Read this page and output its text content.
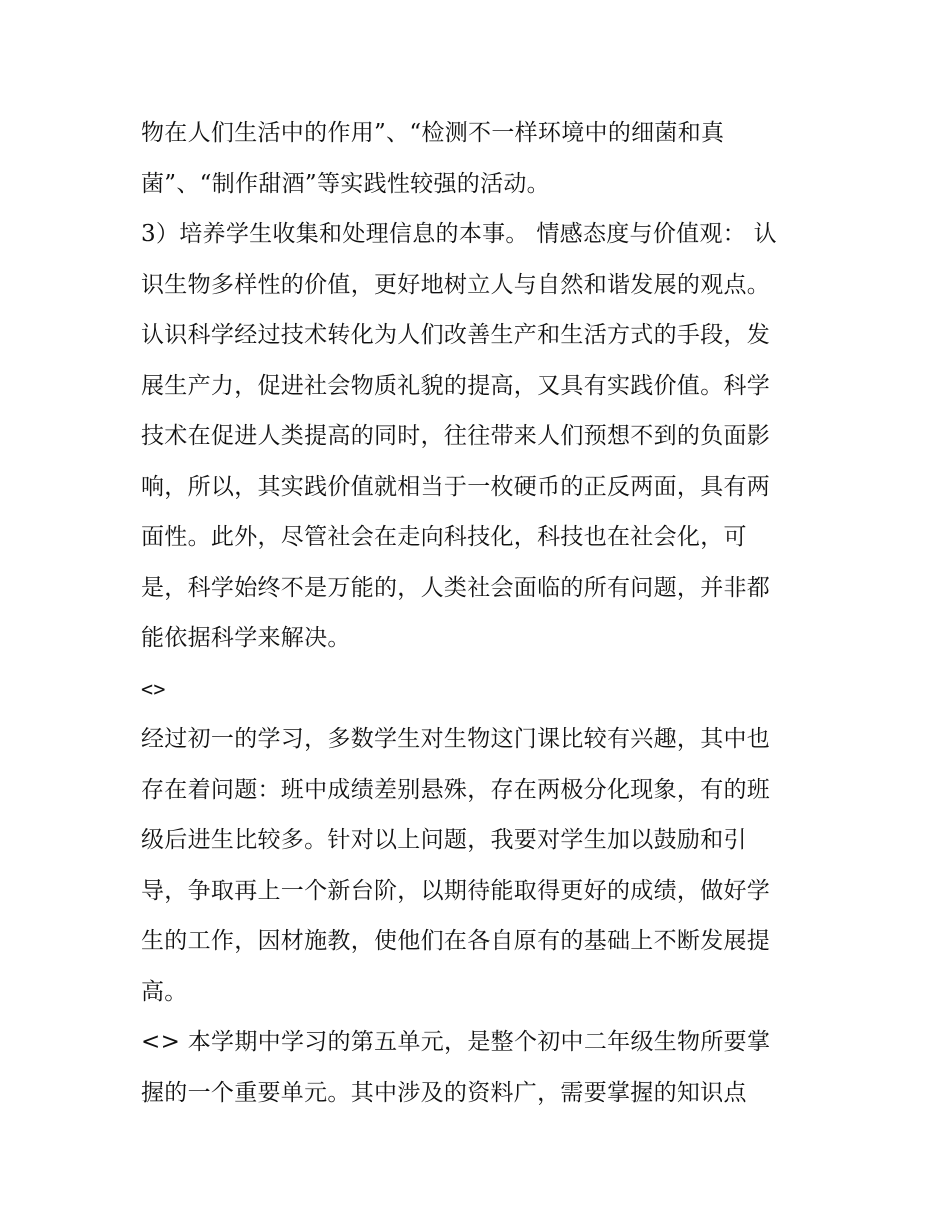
物在人们生活中的作用”、“检测不一样环境中的细菌和真
菌”、“制作甜酒”等实践性较强的活动。
3）培养学生收集和处理信息的本事。 情感态度与价值观： 认
识生物多样性的价值，更好地树立人与自然和谐发展的观点。
认识科学经过技术转化为人们改善生产和生活方式的手段，发
展生产力，促进社会物质礼貌的提高，又具有实践价值。科学
技术在促进人类提高的同时，往往带来人们预想不到的负面影
响，所以，其实践价值就相当于一枚硬币的正反两面，具有两
面性。此外，尽管社会在走向科技化，科技也在社会化，可
是，科学始终不是万能的，人类社会面临的所有问题，并非都
能依据科学来解决。
<>
经过初一的学习，多数学生对生物这门课比较有兴趣，其中也
存在着问题：班中成绩差别悬殊，存在两极分化现象，有的班
级后进生比较多。针对以上问题，我要对学生加以鼓励和引
导，争取再上一个新台阶，以期待能取得更好的成绩，做好学
生的工作，因材施教，使他们在各自原有的基础上不断发展提
高。
<> 本学期中学习的第五单元，是整个初中二年级生物所要掌
握的一个重要单元。其中涉及的资料广，需要掌握的知识点
